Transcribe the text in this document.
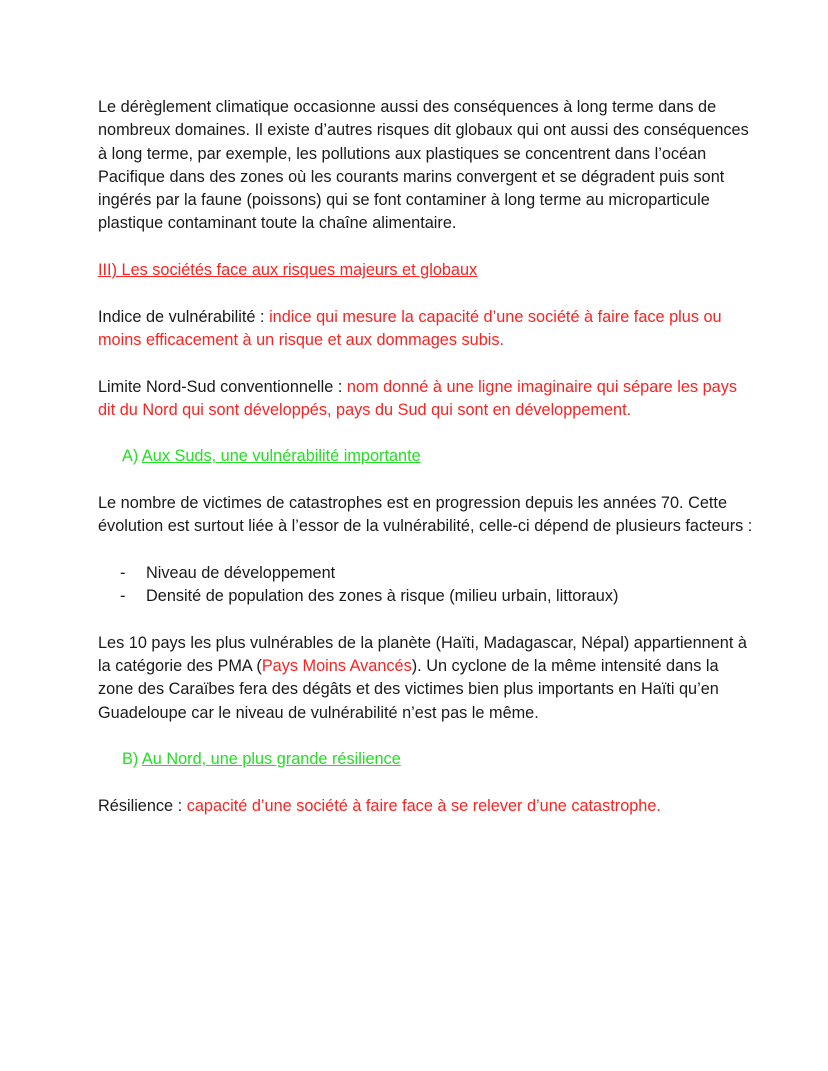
Le dérèglement climatique occasionne aussi des conséquences à long terme dans de nombreux domaines. Il existe d’autres risques dit globaux qui ont aussi des conséquences à long terme, par exemple, les pollutions aux plastiques se concentrent dans l’océan Pacifique dans des zones où les courants marins convergent et se dégradent puis sont ingérés par la faune (poissons) qui se font contaminer à long terme au microparticule plastique contaminant toute la chaîne alimentaire.

III) Les sociétés face aux risques majeurs et globaux

Indice de vulnérabilité : indice qui mesure la capacité d’une société à faire face plus ou moins efficacement à un risque et aux dommages subis.

Limite Nord-Sud conventionnelle : nom donné à une ligne imaginaire qui sépare les pays dit du Nord qui sont développés, pays du Sud qui sont en développement.

A) Aux Suds, une vulnérabilité importante

Le nombre de victimes de catastrophes est en progression depuis les années 70. Cette évolution est surtout liée à l’essor de la vulnérabilité, celle-ci dépend de plusieurs facteurs :

- Niveau de développement
- Densité de population des zones à risque (milieu urbain, littoraux)

Les 10 pays les plus vulnérables de la planète (Haïti, Madagascar, Népal) appartiennent à la catégorie des PMA (Pays Moins Avancés). Un cyclone de la même intensité dans la zone des Caraïbes fera des dégâts et des victimes bien plus importants en Haïti qu’en Guadeloupe car le niveau de vulnérabilité n’est pas le même.

B) Au Nord, une plus grande résilience

Résilience : capacité d’une société à faire face à se relever d’une catastrophe.
